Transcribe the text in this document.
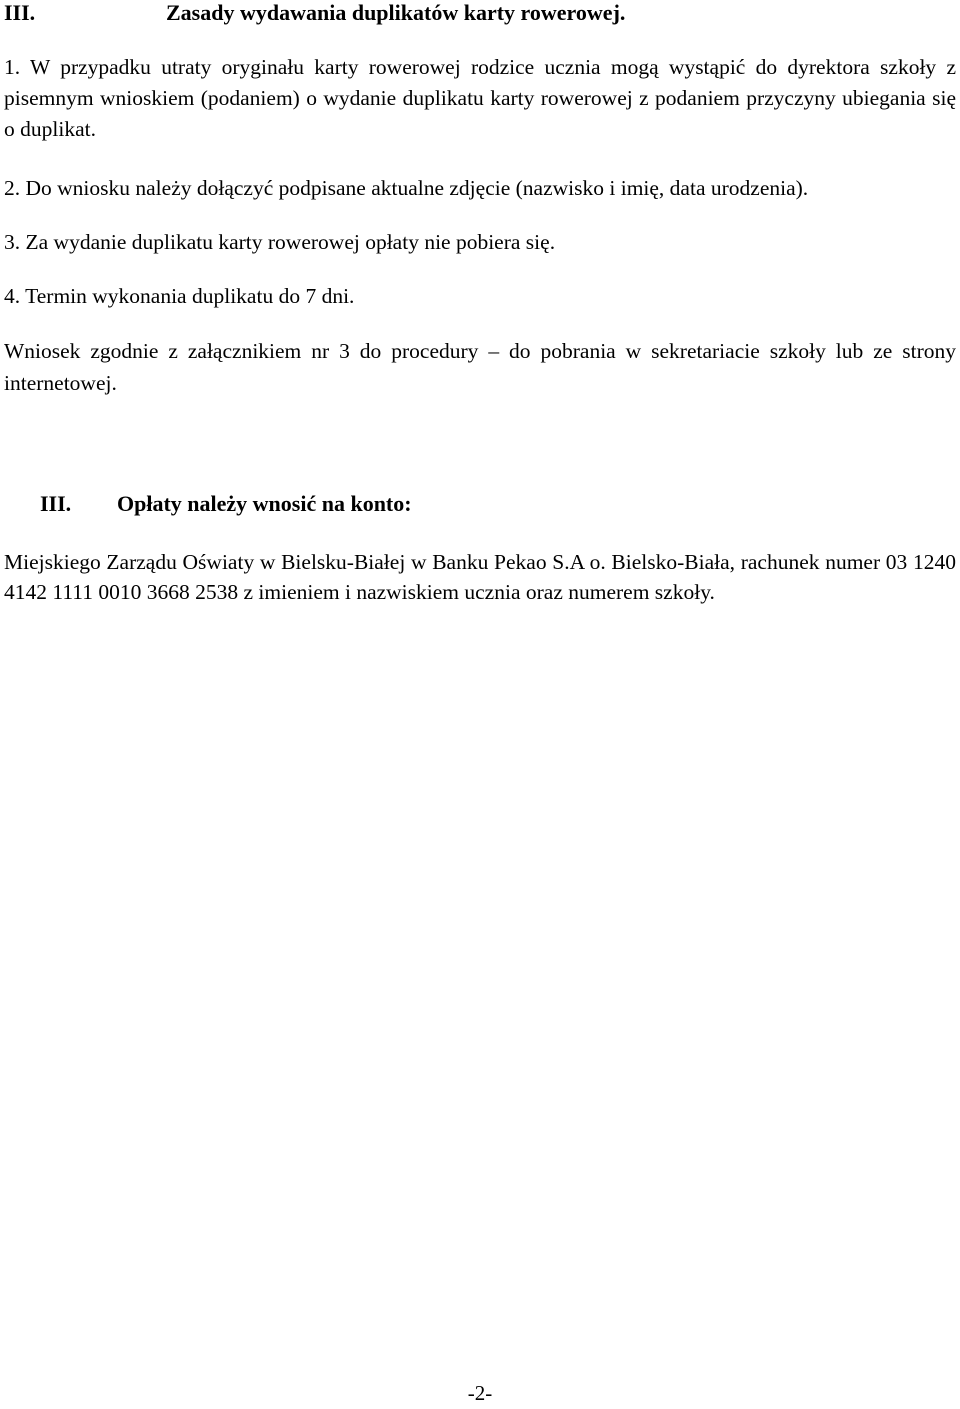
III.	Zasady wydawania duplikatów karty rowerowej.

1. W przypadku utraty oryginału karty rowerowej rodzice ucznia mogą wystąpić do dyrektora szkoły z pisemnym wnioskiem (podaniem) o wydanie duplikatu karty rowerowej z podaniem przyczyny ubiegania się o duplikat.

2. Do wniosku należy dołączyć podpisane aktualne zdjęcie (nazwisko i imię, data urodzenia).

3. Za wydanie duplikatu karty rowerowej opłaty nie pobiera się.

4. Termin wykonania duplikatu do 7 dni.

Wniosek zgodnie z załącznikiem nr 3 do procedury – do pobrania w sekretariacie szkoły lub ze strony internetowej.

III. Opłaty należy wnosić na konto:

Miejskiego Zarządu Oświaty w Bielsku-Białej w Banku Pekao S.A o. Bielsko-Biała, rachunek numer 03 1240 4142 1111 0010 3668 2538 z imieniem i nazwiskiem ucznia oraz numerem szkoły.

-2-
